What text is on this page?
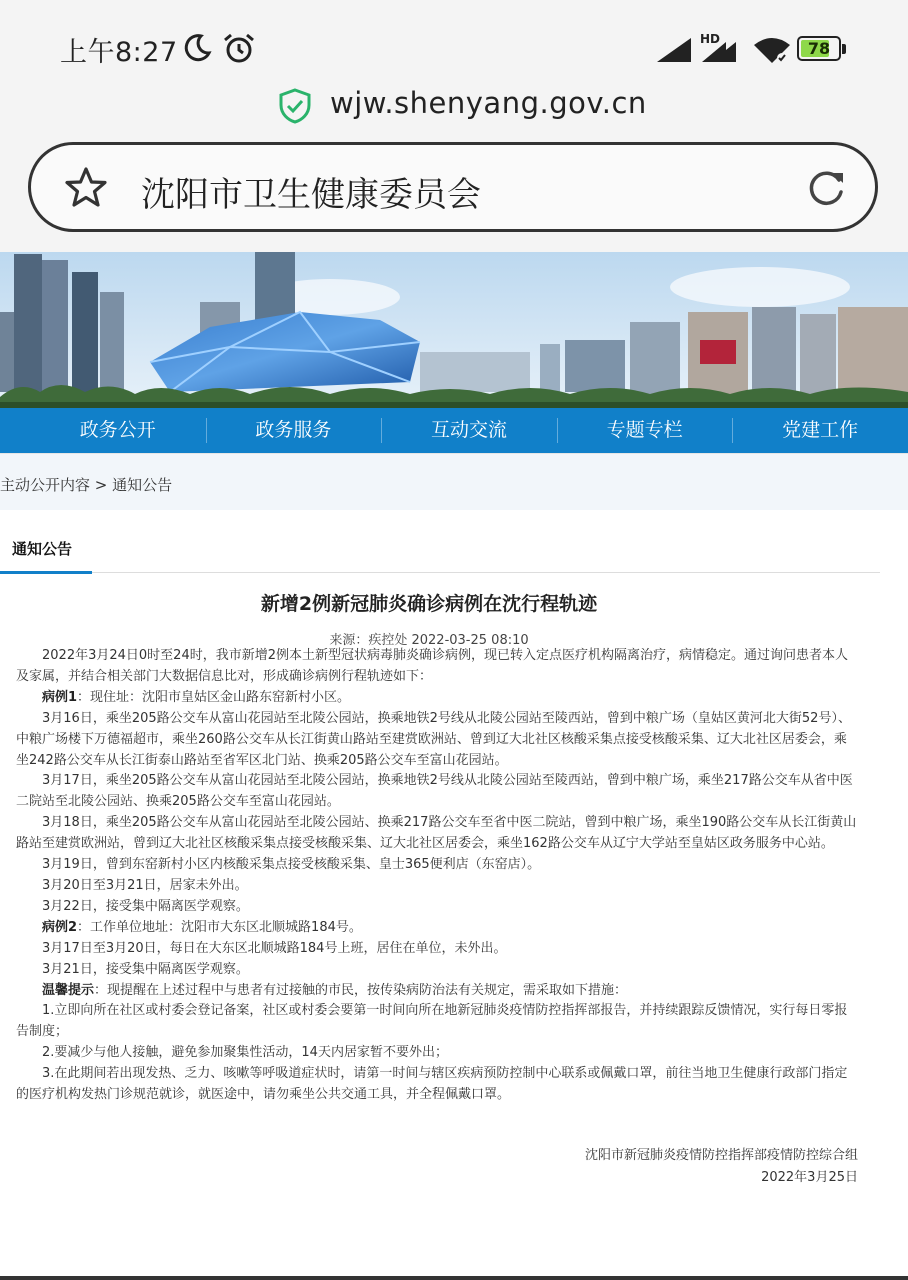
上午8:27	HD	78
wjw.shenyang.gov.cn
沈阳市卫生健康委员会
政务公开	政务服务	互动交流	专题专栏	党建工作
主动公开内容 > 通知公告
通知公告
新增2例新冠肺炎确诊病例在沈行程轨迹
来源：疾控处 2022-03-25 08:10

2022年3月24日0时至24时，我市新增2例本土新型冠状病毒肺炎确诊病例，现已转入定点医疗机构隔离治疗，病情稳定。通过询问患者本人及家属，并结合相关部门大数据信息比对，形成确诊病例行程轨迹如下：

病例1：现住址：沈阳市皇姑区金山路东窑新村小区。

3月16日，乘坐205路公交车从富山花园站至北陵公园站，换乘地铁2号线从北陵公园站至陵西站，曾到中粮广场（皇姑区黄河北大街52号）、中粮广场楼下万德福超市，乘坐260路公交车从长江街黄山路站至建赏欧洲站、曾到辽大北社区核酸采集点接受核酸采集、辽大北社区居委会，乘坐242路公交车从长江街泰山路站至省军区北门站、换乘205路公交车至富山花园站。

3月17日，乘坐205路公交车从富山花园站至北陵公园站，换乘地铁2号线从北陵公园站至陵西站，曾到中粮广场，乘坐217路公交车从省中医二院站至北陵公园站、换乘205路公交车至富山花园站。

3月18日，乘坐205路公交车从富山花园站至北陵公园站、换乘217路公交车至省中医二院站，曾到中粮广场，乘坐190路公交车从长江街黄山路站至建赏欧洲站，曾到辽大北社区核酸采集点接受核酸采集、辽大北社区居委会，乘坐162路公交车从辽宁大学站至皇姑区政务服务中心站。

3月19日，曾到东窑新村小区内核酸采集点接受核酸采集、皇士365便利店（东窑店）。

3月20日至3月21日，居家未外出。

3月22日，接受集中隔离医学观察。

病例2：工作单位地址：沈阳市大东区北顺城路184号。

3月17日至3月20日，每日在大东区北顺城路184号上班，居住在单位，未外出。

3月21日，接受集中隔离医学观察。

温馨提示：现提醒在上述过程中与患者有过接触的市民，按传染病防治法有关规定，需采取如下措施：

1.立即向所在社区或村委会登记备案，社区或村委会要第一时间向所在地新冠肺炎疫情防控指挥部报告，并持续跟踪反馈情况，实行每日零报告制度；

2.要减少与他人接触，避免参加聚集性活动，14天内居家暂不要外出；

3.在此期间若出现发热、乏力、咳嗽等呼吸道症状时，请第一时间与辖区疾病预防控制中心联系或佩戴口罩，前往当地卫生健康行政部门指定的医疗机构发热门诊规范就诊，就医途中，请勿乘坐公共交通工具，并全程佩戴口罩。

沈阳市新冠肺炎疫情防控指挥部疫情防控综合组
2022年3月25日
